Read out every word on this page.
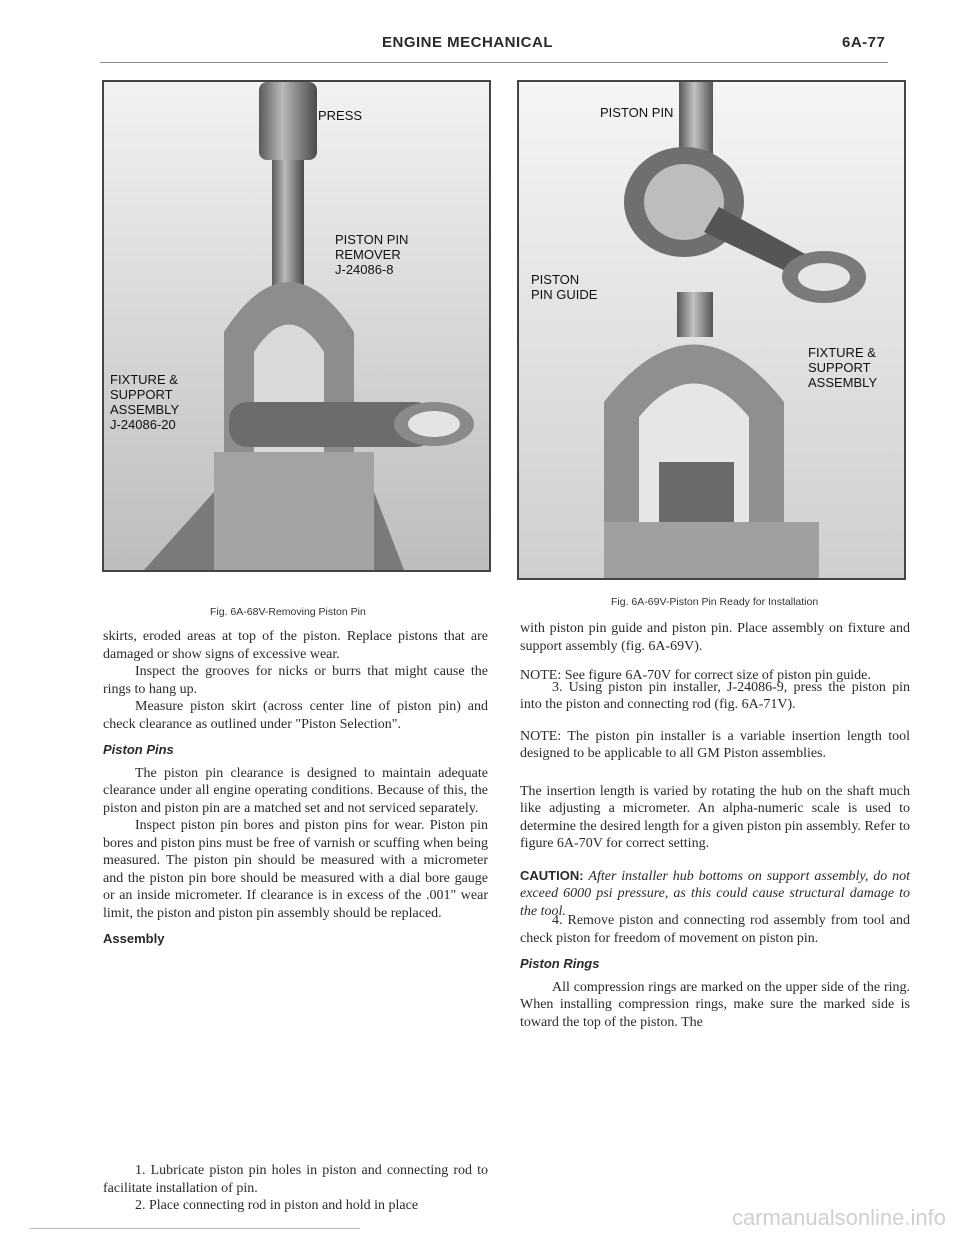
ENGINE MECHANICAL	6A-77
PRESS
PISTON PIN
REMOVER
J-24086-8
FIXTURE &
SUPPORT
ASSEMBLY
J-24086-20
Fig. 6A-68V-Removing Piston Pin
PISTON PIN
PISTON
PIN GUIDE
FIXTURE &
SUPPORT
ASSEMBLY
Fig. 6A-69V-Piston Pin Ready for Installation

skirts, eroded areas at top of the piston. Replace pistons that are damaged or show signs of excessive wear.

Inspect the grooves for nicks or burrs that might cause the rings to hang up.

Measure piston skirt (across center line of piston pin) and check clearance as outlined under "Piston Selection".

Piston Pins

The piston pin clearance is designed to maintain adequate clearance under all engine operating conditions. Because of this, the piston and piston pin are a matched set and not serviced separately.

Inspect piston pin bores and piston pins for wear. Piston pin bores and piston pins must be free of varnish or scuffing when being measured. The piston pin should be measured with a micrometer and the piston pin bore should be measured with a dial bore gauge or an inside micrometer. If clearance is in excess of the .001" wear limit, the piston and piston pin assembly should be replaced.

Assembly

1. Lubricate piston pin holes in piston and connecting rod to facilitate installation of pin.

2. Place connecting rod in piston and hold in place

with piston pin guide and piston pin. Place assembly on fixture and support assembly (fig. 6A-69V).

NOTE: See figure 6A-70V for correct size of piston pin guide.

3. Using piston pin installer, J-24086-9, press the piston pin into the piston and connecting rod (fig. 6A-71V).

NOTE: The piston pin installer is a variable insertion length tool designed to be applicable to all GM Piston assemblies.

The insertion length is varied by rotating the hub on the shaft much like adjusting a micrometer. An alpha-numeric scale is used to determine the desired length for a given piston pin assembly. Refer to figure 6A-70V for correct setting.

CAUTION: After installer hub bottoms on support assembly, do not exceed 6000 psi pressure, as this could cause structural damage to the tool.

4. Remove piston and connecting rod assembly from tool and check piston for freedom of movement on piston pin.

Piston Rings

All compression rings are marked on the upper side of the ring. When installing compression rings, make sure the marked side is toward the top of the piston. The

carmanualsonline.info
